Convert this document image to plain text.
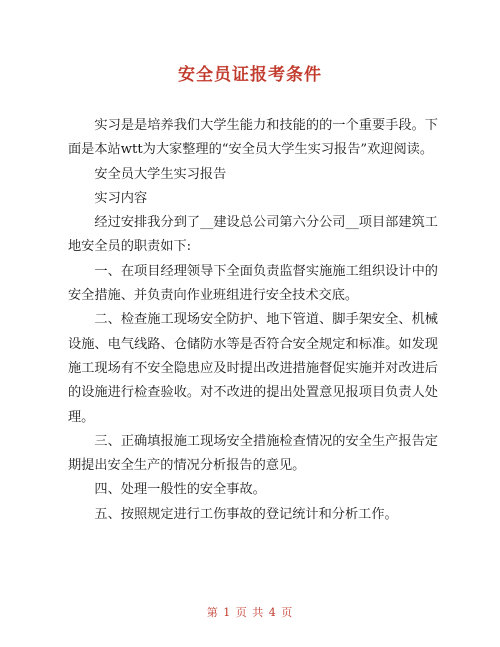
安全员证报考条件

实习是是培养我们大学生能力和技能的的一个重要手段。下面是本站wtt为大家整理的“安全员大学生实习报告”欢迎阅读。

安全员大学生实习报告

实习内容

经过安排我分到了__建设总公司第六分公司__项目部建筑工地安全员的职责如下:

一、在项目经理领导下全面负责监督实施施工组织设计中的安全措施、并负责向作业班组进行安全技术交底。

二、检查施工现场安全防护、地下管道、脚手架安全、机械设施、电气线路、仓储防水等是否符合安全规定和标准。如发现施工现场有不安全隐患应及时提出改进措施督促实施并对改进后的设施进行检查验收。对不改进的提出处置意见报项目负责人处理。

三、正确填报施工现场安全措施检查情况的安全生产报告定期提出安全生产的情况分析报告的意见。

四、处理一般性的安全事故。

五、按照规定进行工伤事故的登记统计和分析工作。

第 1 页 共 4 页
